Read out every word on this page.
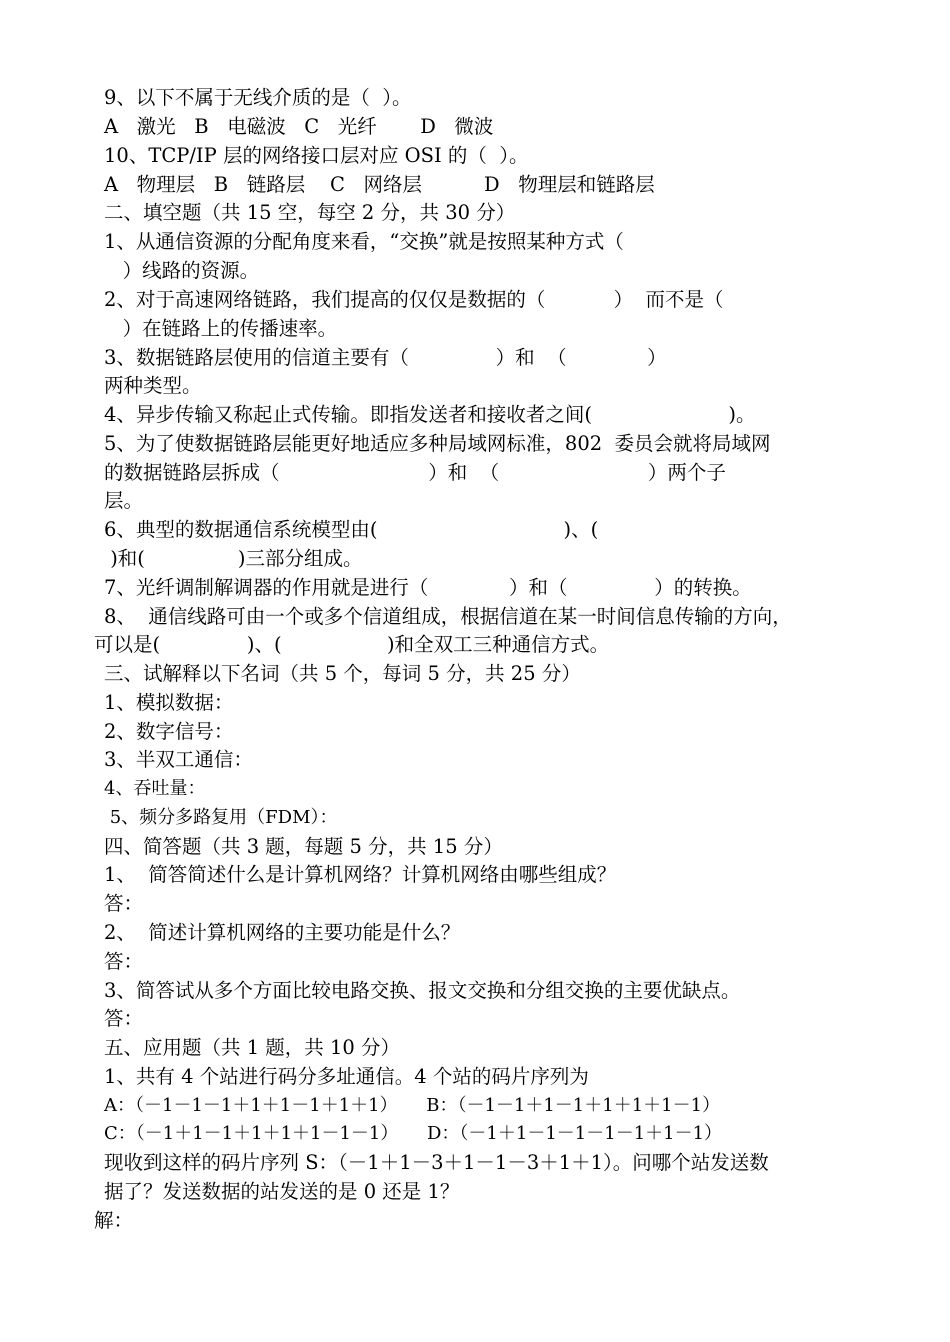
9、以下不属于无线介质的是（  ）。
A   激光   B   电磁波   C   光纤       D   微波
10、TCP/IP 层的网络接口层对应 OSI 的（  ）。
A   物理层   B   链路层    C   网络层          D   物理层和链路层
二、填空题（共 15 空，每空 2 分，共 30 分）
1、从通信资源的分配角度来看，“交换”就是按照某种方式（
）线路的资源。
2、对于高速网络链路，我们提高的仅仅是数据的（           ）  而不是（
）在链路上的传播速率。
3、数据链路层使用的信道主要有（              ）和  （             ）
两种类型。
4、异步传输又称起止式传输。即指发送者和接收者之间(                      )。
5、为了使数据链路层能更好地适应多种局域网标准，802  委员会就将局域网
的数据链路层拆成（                        ）和  （                        ）两个子
层。
6、典型的数据通信系统模型由(                              )、(
)和(               )三部分组成。
7、光纤调制解调器的作用就是进行（             ）和（              ）的转换。
8、  通信线路可由一个或多个信道组成，根据信道在某一时间信息传输的方向，
可以是(              )、(                 )和全双工三种通信方式。
三、试解释以下名词（共 5 个，每词 5 分，共 25 分）
1、模拟数据：
2、数字信号：
3、半双工通信：
4、吞吐量：
5、频分多路复用（FDM）：
四、简答题（共 3 题，每题 5 分，共 15 分）
1、  简答简述什么是计算机网络？计算机网络由哪些组成？
答：
2、  简述计算机网络的主要功能是什么？
答：
3、简答试从多个方面比较电路交换、报文交换和分组交换的主要优缺点。
答：
五、应用题（共 1 题，共 10 分）
1、共有 4 个站进行码分多址通信。4 个站的码片序列为
A：（－1－1－1＋1＋1－1＋1＋1）     B：（－1－1＋1－1＋1＋1＋1－1）
C：（－1＋1－1＋1＋1＋1－1－1）     D：（－1＋1－1－1－1－1＋1－1）
现收到这样的码片序列 S：（－1＋1－3＋1－1－3＋1＋1）。问哪个站发送数
据了？发送数据的站发送的是 0 还是 1？
解：
